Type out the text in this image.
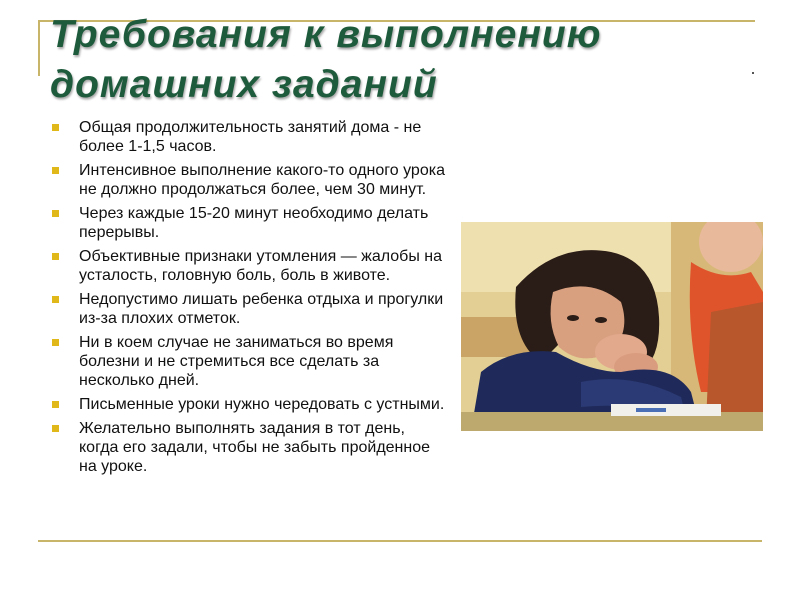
Требования к выполнению
домашних заданий
Общая продолжительность занятий дома - не более 1-1,5 часов.
Интенсивное выполнение какого-то одного урока не должно продолжаться более, чем 30 минут.
Через каждые 15-20 минут необходимо делать перерывы.
Объективные признаки утомления — жалобы на усталость, головную боль, боль в животе.
Недопустимо лишать ребенка отдыха и прогулки из-за плохих отметок.
Ни в коем случае не заниматься во время болезни и не стремиться все сделать за несколько дней.
Письменные уроки нужно чередовать с устными.
Желательно выполнять задания в тот день, когда его задали, чтобы не забыть пройденное на уроке.
